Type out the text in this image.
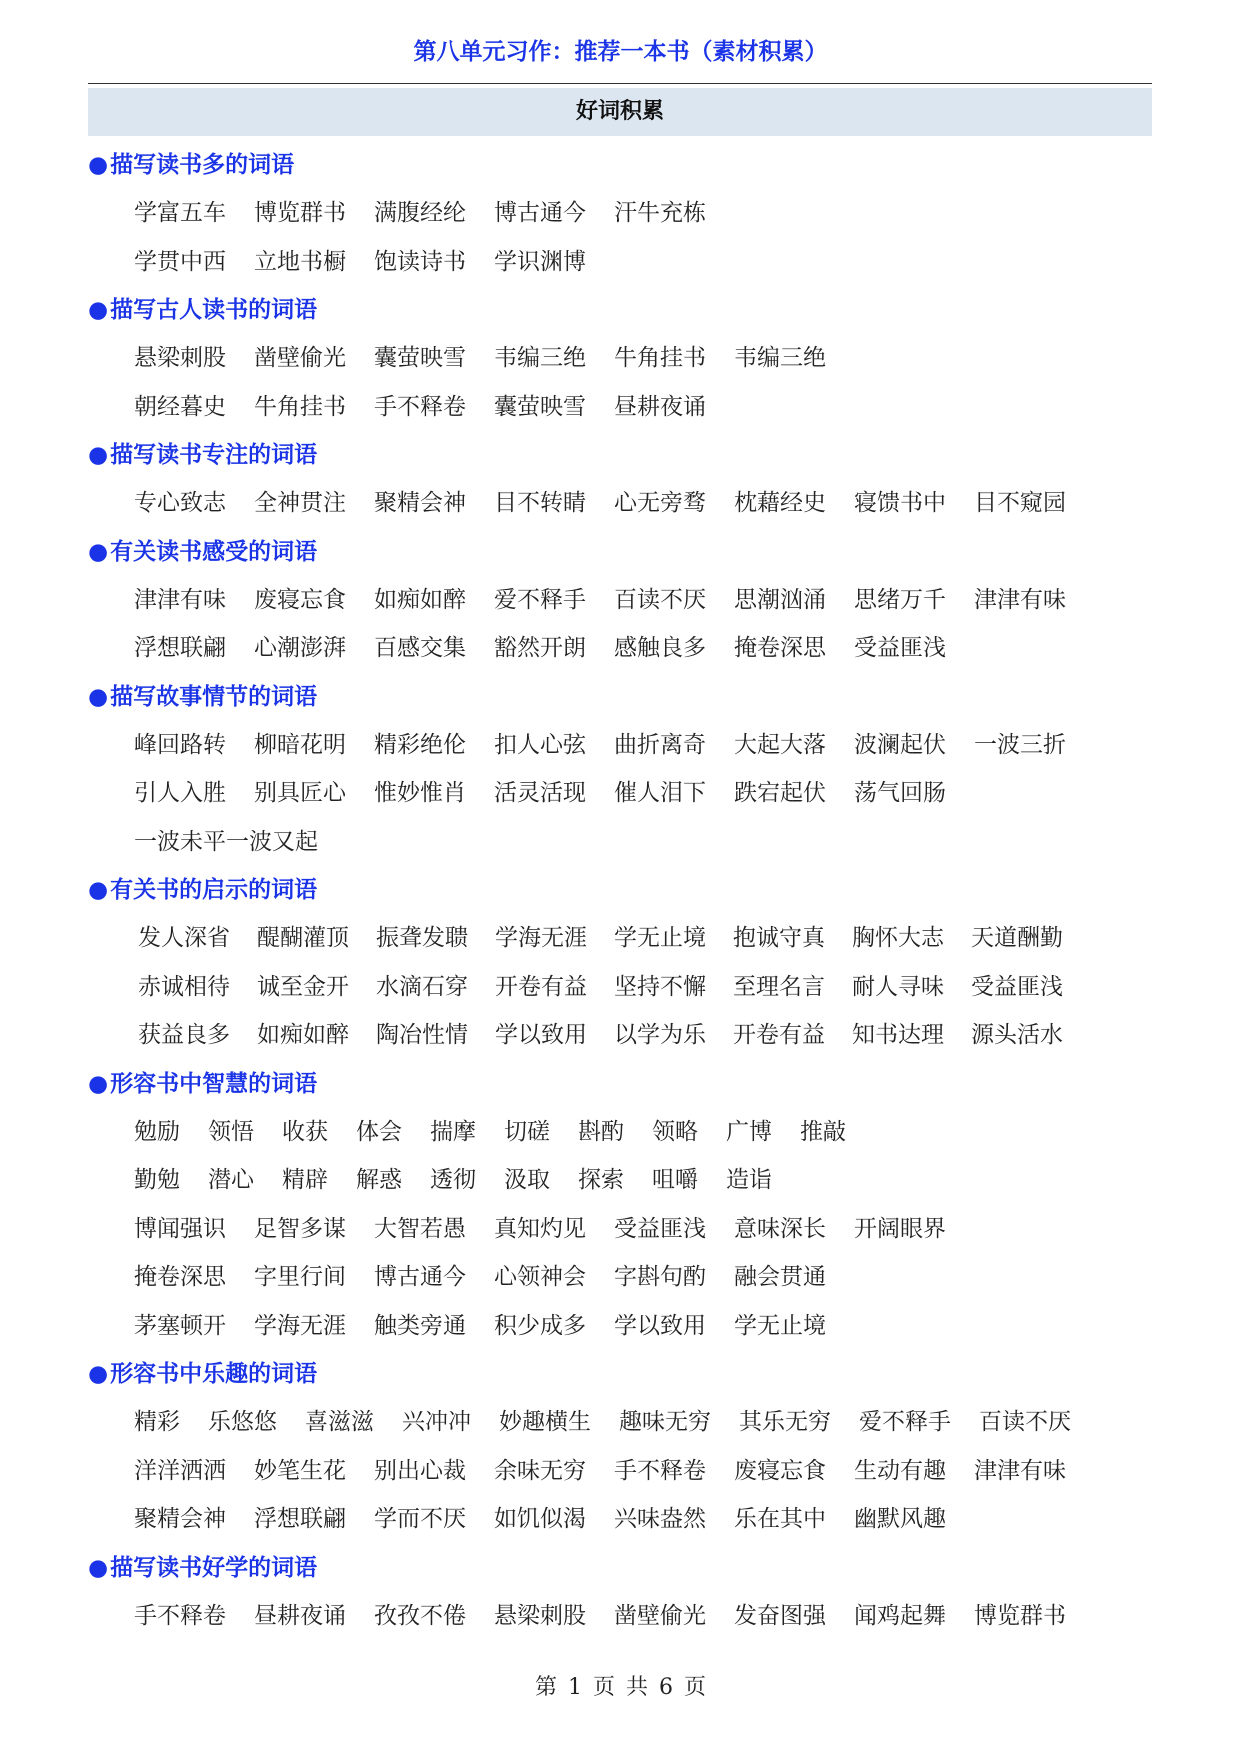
第八单元习作：推荐一本书（素材积累）
好词积累
●描写读书多的词语
学富五车 博览群书 满腹经纶 博古通今 汗牛充栋
学贯中西 立地书橱 饱读诗书 学识渊博
●描写古人读书的词语
悬梁刺股 凿壁偷光 囊萤映雪 韦编三绝 牛角挂书 韦编三绝
朝经暮史 牛角挂书 手不释卷 囊萤映雪 昼耕夜诵
●描写读书专注的词语
专心致志 全神贯注 聚精会神 目不转睛 心无旁骛 枕藉经史 寝馈书中 目不窥园
●有关读书感受的词语
津津有味 废寝忘食 如痴如醉 爱不释手 百读不厌 思潮汹涌 思绪万千 津津有味
浮想联翩 心潮澎湃 百感交集 豁然开朗 感触良多 掩卷深思 受益匪浅
●描写故事情节的词语
峰回路转 柳暗花明 精彩绝伦 扣人心弦 曲折离奇 大起大落 波澜起伏 一波三折
引人入胜 别具匠心 惟妙惟肖 活灵活现 催人泪下 跌宕起伏 荡气回肠
一波未平一波又起
●有关书的启示的词语
发人深省 醍醐灌顶 振聋发聩 学海无涯 学无止境 抱诚守真 胸怀大志 天道酬勤
赤诚相待 诚至金开 水滴石穿 开卷有益 坚持不懈 至理名言 耐人寻味 受益匪浅
获益良多 如痴如醉 陶冶性情 学以致用 以学为乐 开卷有益 知书达理 源头活水
●形容书中智慧的词语
勉励 领悟 收获 体会 揣摩 切磋 斟酌 领略 广博 推敲
勤勉 潜心 精辟 解惑 透彻 汲取 探索 咀嚼 造诣
博闻强识 足智多谋 大智若愚 真知灼见 受益匪浅 意味深长 开阔眼界
掩卷深思 字里行间 博古通今 心领神会 字斟句酌 融会贯通
茅塞顿开 学海无涯 触类旁通 积少成多 学以致用 学无止境
●形容书中乐趣的词语
精彩 乐悠悠 喜滋滋 兴冲冲 妙趣横生 趣味无穷 其乐无穷 爱不释手 百读不厌
洋洋洒洒 妙笔生花 别出心裁 余味无穷 手不释卷 废寝忘食 生动有趣 津津有味
聚精会神 浮想联翩 学而不厌 如饥似渴 兴味盎然 乐在其中 幽默风趣
●描写读书好学的词语
手不释卷 昼耕夜诵 孜孜不倦 悬梁刺股 凿壁偷光 发奋图强 闻鸡起舞 博览群书
第 1 页 共 6 页
